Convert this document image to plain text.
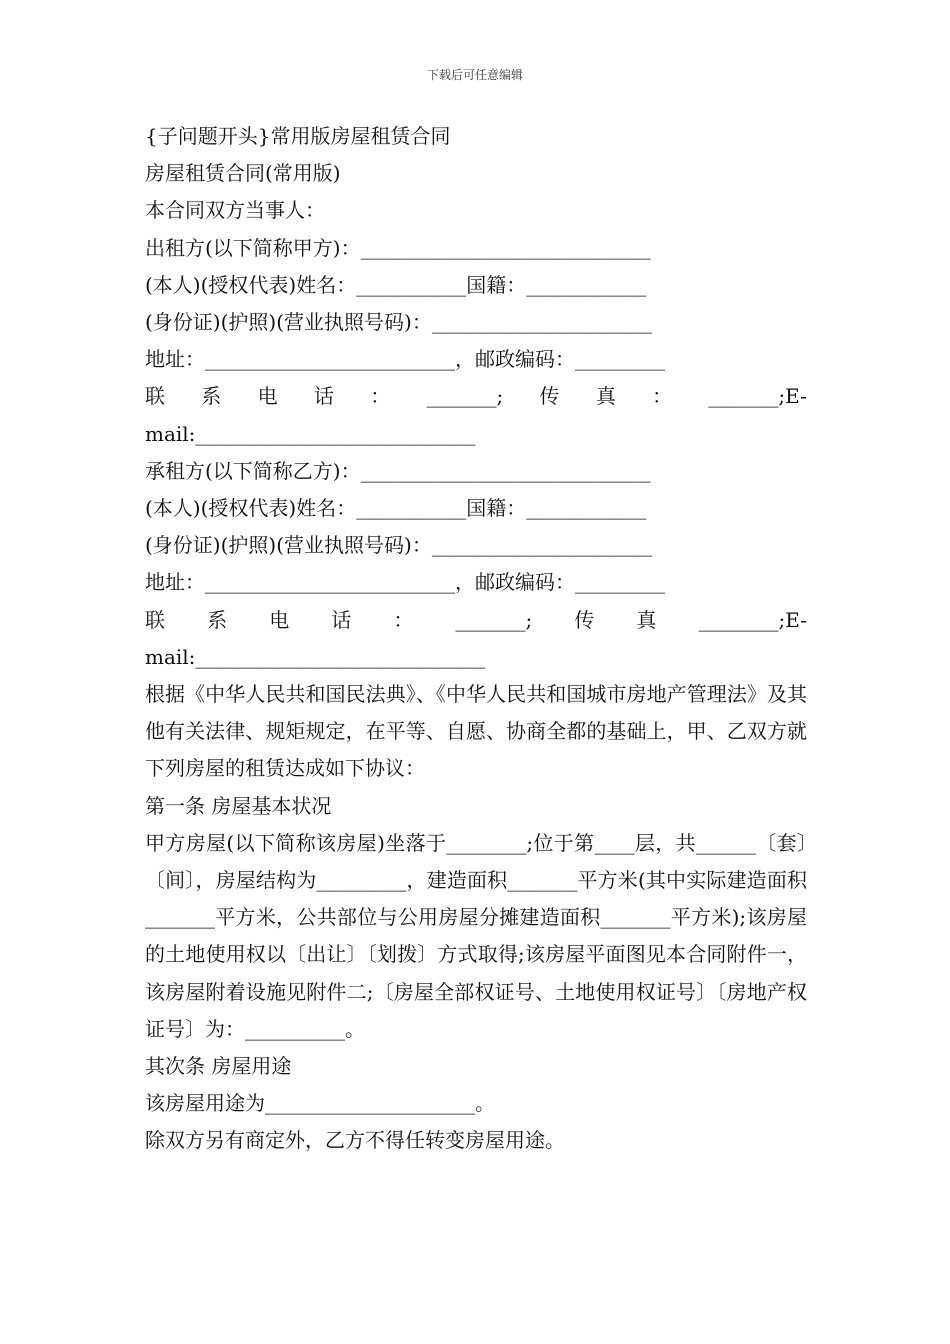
下载后可任意编辑
{子问题开头}常用版房屋租赁合同
房屋租赁合同(常用版)
本合同双方当事人：
出租方(以下简称甲方)：_____________________________
(本人)(授权代表)姓名：___________国籍：____________
(身份证)(护照)(营业执照号码)：______________________
地址：_________________________，邮政编码：_________
联 系 电 话 ： _______; 传 真 ： _______;E-
mail:____________________________
承租方(以下简称乙方)：_____________________________
(本人)(授权代表)姓名：___________国籍：____________
(身份证)(护照)(营业执照号码)：______________________
地址：_________________________，邮政编码：_________
联 系 电 话 ： _______; 传 真 ________;E-
mail:_____________________________
根据《中华人民共和国民法典》、《中华人民共和国城市房地产管理法》及其他有关法律、规矩规定，在平等、自愿、协商全都的基础上，甲、乙双方就下列房屋的租赁达成如下协议：
第一条 房屋基本状况
甲方房屋(以下简称该房屋)坐落于________;位于第____层，共______〔套〕〔间〕，房屋结构为_________，建造面积_______平方米(其中实际建造面积_______平方米，公共部位与公用房屋分摊建造面积_______平方米);该房屋的土地使用权以〔出让〕〔划拨〕方式取得;该房屋平面图见本合同附件一，该房屋附着设施见附件二;〔房屋全部权证号、土地使用权证号〕〔房地产权证号〕为：__________。
其次条 房屋用途
该房屋用途为_____________________。
除双方另有商定外，乙方不得任转变房屋用途。
